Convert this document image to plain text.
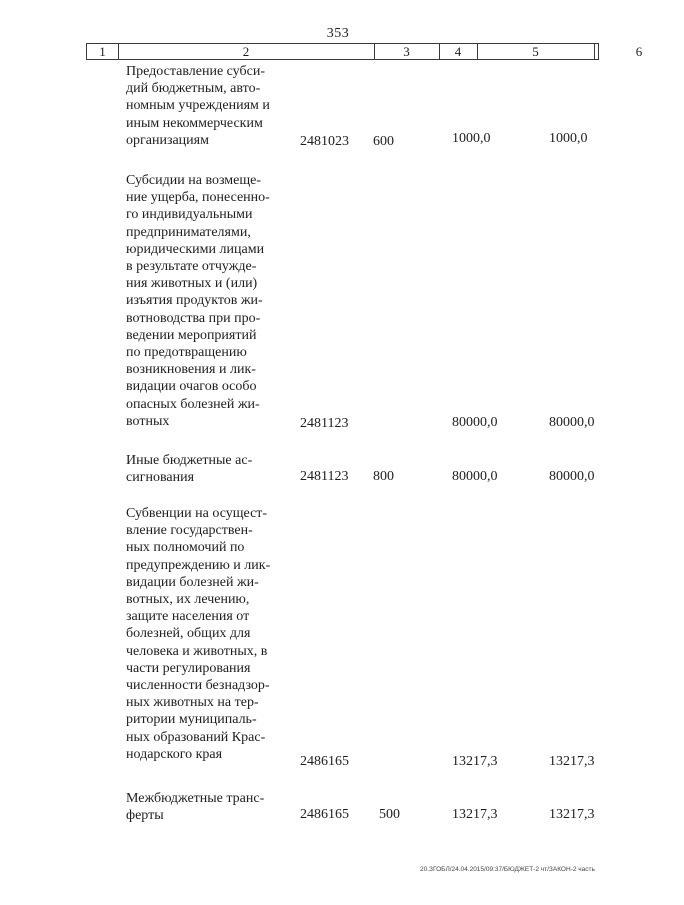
353
1	2	3	4	5	6
Предоставление субси-
дий бюджетным, авто-
номным учреждениям и
иным некоммерческим
организациям	2481023 600	1000,0	1000,0
Субсидии на возмеще-
ние ущерба, понесенно-
го индивидуальными
предпринимателями,
юридическими лицами
в результате отчужде-
ния животных и (или)
изъятия продуктов жи-
вотноводства при про-
ведении мероприятий
по предотвращению
возникновения и лик-
видации очагов особо
опасных болезней жи-
вотных	2481123	80000,0	80000,0
Иные бюджетные ас-
сигнования	2481123 800	80000,0	80000,0
Субвенции на осущест-
вление государствен-
ных полномочий по
предупреждению и лик-
видации болезней жи-
вотных, их лечению,
защите населения от
болезней, общих для
человека и животных, в
части регулирования
численности безнадзор-
ных животных на тер-
ритории муниципаль-
ных образований Крас-
нодарского края	2486165	13217,3	13217,3
Межбюджетные транс-
ферты	2486165 500	13217,3	13217,3
20.ЗГОБЛ/24.04.2015/09:37/БЮДЖЕТ-2 чт/ЗАКОН-2 часть
